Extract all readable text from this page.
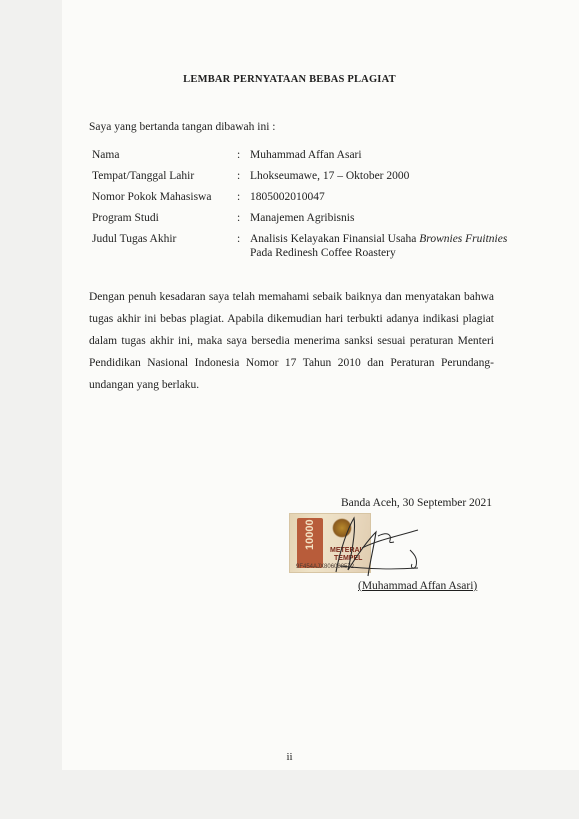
LEMBAR PERNYATAAN BEBAS PLAGIAT
Saya yang bertanda tangan dibawah ini :
Nama	:	Muhammad Affan Asari
Tempat/Tanggal Lahir	:	Lhokseumawe, 17 – Oktober 2000
Nomor Pokok Mahasiswa	:	1805002010047
Program Studi	:	Manajemen Agribisnis
Judul Tugas Akhir	:	Analisis Kelayakan Finansial Usaha Brownies Fruitnies
Pada Redinesh Coffee Roastery
Dengan penuh kesadaran saya telah memahami sebaik baiknya dan menyatakan bahwa tugas akhir ini bebas plagiat. Apabila dikemudian hari terbukti adanya indikasi plagiat dalam tugas akhir ini, maka saya bersedia menerima sanksi sesuai peraturan Menteri Pendidikan Nasional Indonesia Nomor 17 Tahun 2010 dan Peraturan Perundang-undangan yang berlaku.
Banda Aceh, 30 September 2021
10000
METERAI
TEMPEL
9F454AJX806088572
(Muhammad Affan Asari)
ii
